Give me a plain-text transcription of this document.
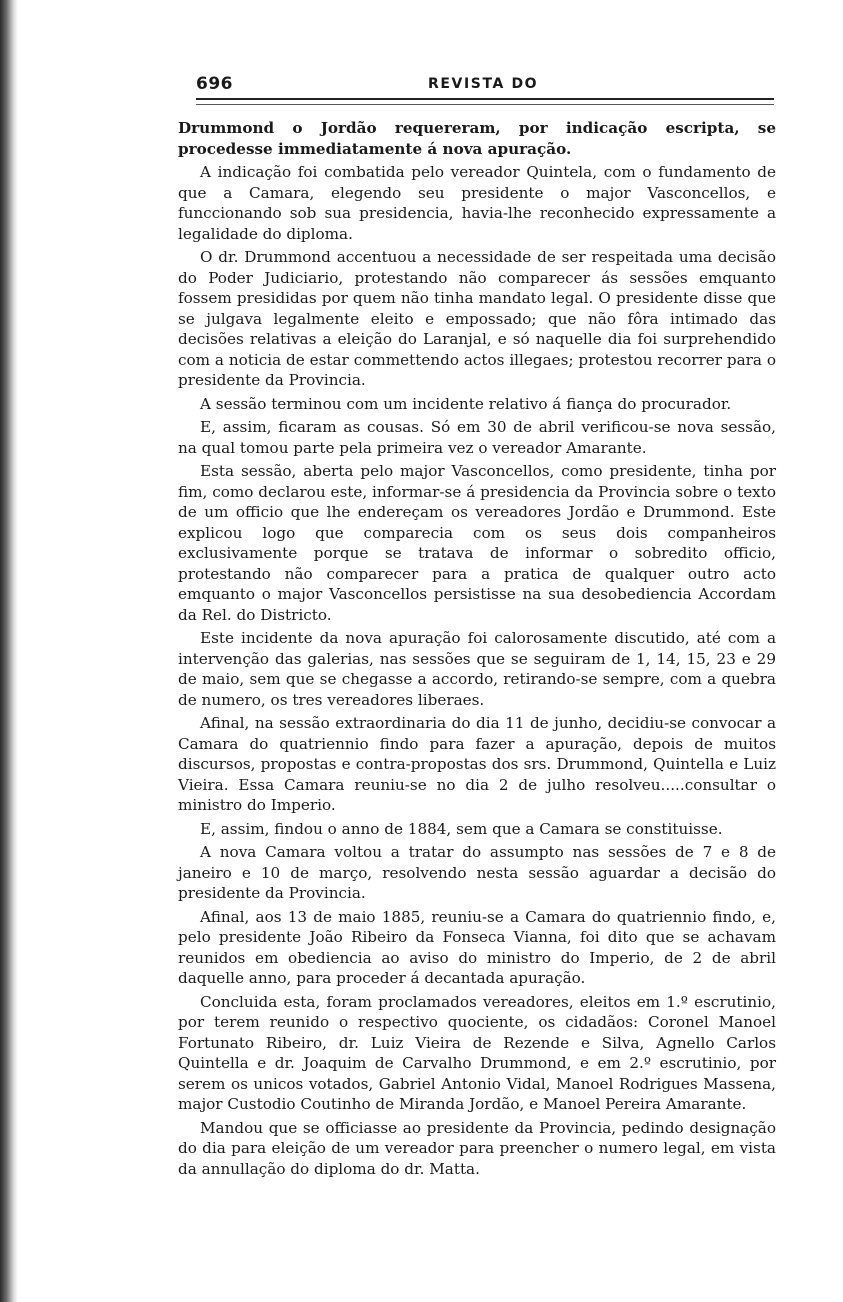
696	REVISTA DO

Drummond o Jordão requereram, por indicação escripta, se procedesse immediatamente á nova apuração.

A indicação foi combatida pelo vereador Quintela, com o fundamento de que a Camara, elegendo seu presidente o major Vasconcellos, e funccionando sob sua presidencia, havia-lhe reconhecido expressamente a legalidade do diploma.

O dr. Drummond accentuou a necessidade de ser respeitada uma decisão do Poder Judiciario, protestando não comparecer ás sessões emquanto fossem presididas por quem não tinha mandato legal. O presidente disse que se julgava legalmente eleito e empossado; que não fôra intimado das decisões relativas a eleição do Laranjal, e só naquelle dia foi surprehendido com a noticia de estar commettendo actos illegaes; protestou recorrer para o presidente da Provincia.

A sessão terminou com um incidente relativo á fiança do procurador.

E, assim, ficaram as cousas. Só em 30 de abril verificou-se nova sessão, na qual tomou parte pela primeira vez o vereador Amarante.

Esta sessão, aberta pelo major Vasconcellos, como presidente, tinha por fim, como declarou este, informar-se á presidencia da Provincia sobre o texto de um officio que lhe endereçam os vereadores Jordão e Drummond. Este explicou logo que comparecia com os seus dois companheiros exclusivamente porque se tratava de informar o sobredito officio, protestando não comparecer para a pratica de qualquer outro acto emquanto o major Vasconcellos persistisse na sua desobediencia Accordam da Rel. do Districto.

Este incidente da nova apuração foi calorosamente discutido, até com a intervenção das galerias, nas sessões que se seguiram de 1, 14, 15, 23 e 29 de maio, sem que se chegasse a accordo, retirando-se sempre, com a quebra de numero, os tres vereadores liberaes.

Afinal, na sessão extraordinaria do dia 11 de junho, decidiu-se convocar a Camara do quatriennio findo para fazer a apuração, depois de muitos discursos, propostas e contra-propostas dos srs. Drummond, Quintella e Luiz Vieira. Essa Camara reuniu-se no dia 2 de julho resolveu.....consultar o ministro do Imperio.

E, assim, findou o anno de 1884, sem que a Camara se constituisse.

A nova Camara voltou a tratar do assumpto nas sessões de 7 e 8 de janeiro e 10 de março, resolvendo nesta sessão aguardar a decisão do presidente da Provincia.

Afinal, aos 13 de maio 1885, reuniu-se a Camara do quatriennio findo, e, pelo presidente João Ribeiro da Fonseca Vianna, foi dito que se achavam reunidos em obediencia ao aviso do ministro do Imperio, de 2 de abril daquelle anno, para proceder á decantada apuração.

Concluida esta, foram proclamados vereadores, eleitos em 1.º escrutinio, por terem reunido o respectivo quociente, os cidadãos: Coronel Manoel Fortunato Ribeiro, dr. Luiz Vieira de Rezende e Silva, Agnello Carlos Quintella e dr. Joaquim de Carvalho Drummond, e em 2.º escrutinio, por serem os unicos votados, Gabriel Antonio Vidal, Manoel Rodrigues Massena, major Custodio Coutinho de Miranda Jordão, e Manoel Pereira Amarante.

Mandou que se officiasse ao presidente da Provincia, pedindo designação do dia para eleição de um vereador para preencher o numero legal, em vista da annullação do diploma do dr. Matta.
